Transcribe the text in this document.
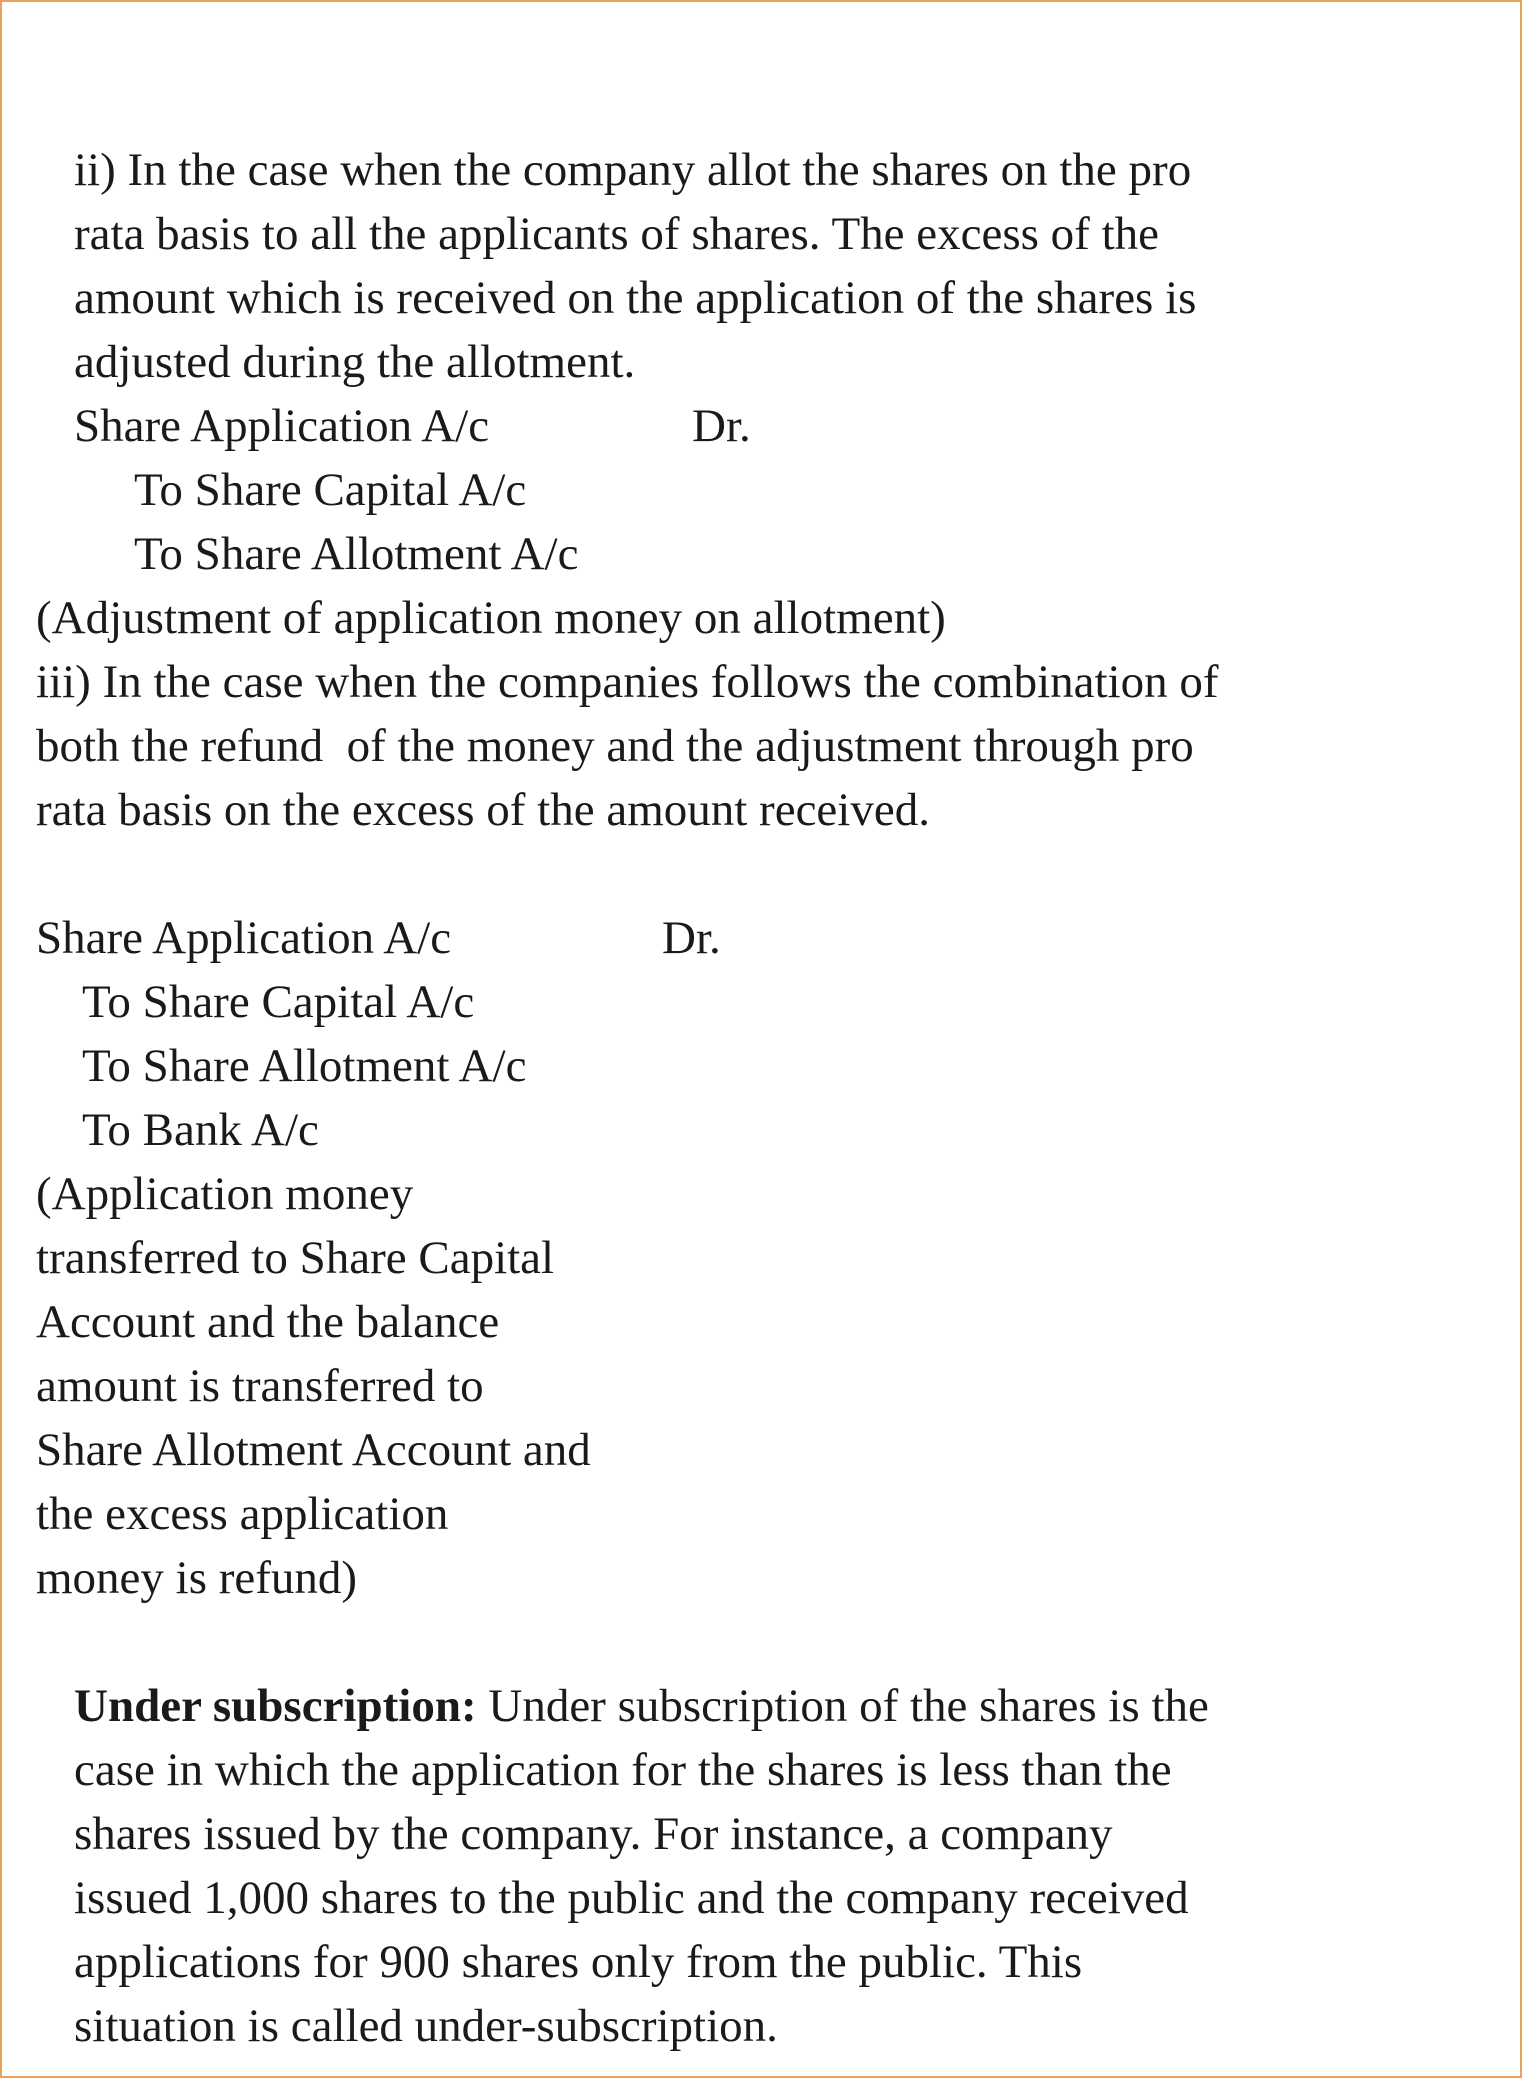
ii) In the case when the company allot the shares on the pro
rata basis to all the applicants of shares. The excess of the
amount which is received on the application of the shares is
adjusted during the allotment.
Share Application A/c	Dr.
To Share Capital A/c
To Share Allotment A/c
(Adjustment of application money on allotment)
iii) In the case when the companies follows the combination of
both the refund  of the money and the adjustment through pro
rata basis on the excess of the amount received.
Share Application A/c	Dr.
To Share Capital A/c
To Share Allotment A/c
To Bank A/c
(Application money
transferred to Share Capital
Account and the balance
amount is transferred to
Share Allotment Account and
the excess application
money is refund)
Under subscription: Under subscription of the shares is the
case in which the application for the shares is less than the
shares issued by the company. For instance, a company
issued 1,000 shares to the public and the company received
applications for 900 shares only from the public. This
situation is called under-subscription.
